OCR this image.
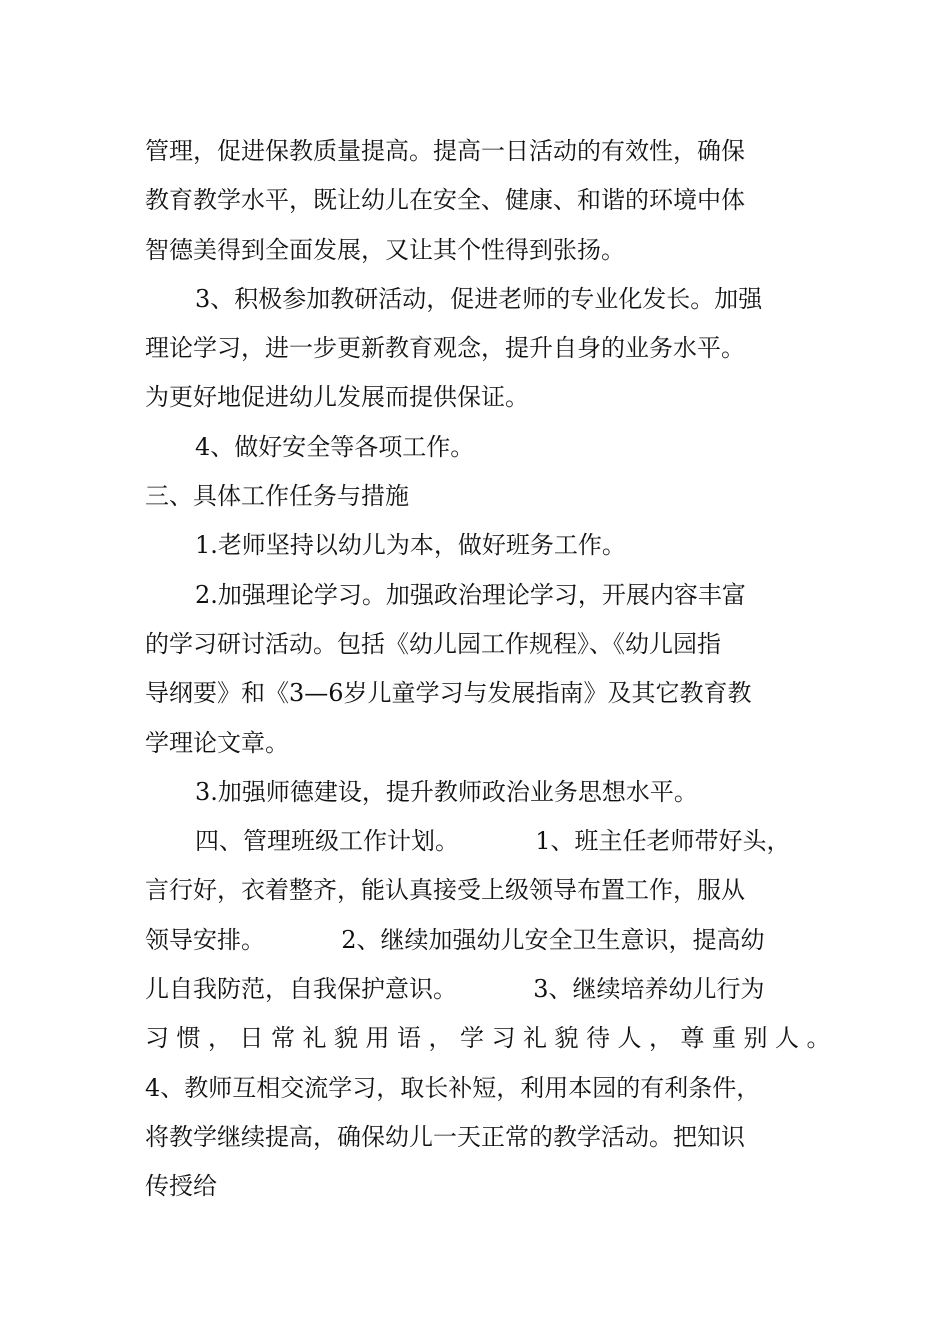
管理，促进保教质量提高。提高一日活动的有效性，确保
教育教学水平，既让幼儿在安全、健康、和谐的环境中体
智德美得到全面发展，又让其个性得到张扬。
3、积极参加教研活动，促进老师的专业化发长。加强
理论学习，进一步更新教育观念，提升自身的业务水平。
为更好地促进幼儿发展而提供保证。
4、做好安全等各项工作。
三、具体工作任务与措施
1.老师坚持以幼儿为本，做好班务工作。
2.加强理论学习。加强政治理论学习，开展内容丰富
的学习研讨活动。包括《幼儿园工作规程》、《幼儿园指
导纲要》和《3—6岁儿童学习与发展指南》及其它教育教
学理论文章。
3.加强师德建设，提升教师政治业务思想水平。
四、管理班级工作计划。          1、班主任老师带好头，
言行好，衣着整齐，能认真接受上级领导布置工作，服从
领导安排。          2、继续加强幼儿安全卫生意识，提高幼
儿自我防范，自我保护意识。          3、继续培养幼儿行为
习惯，日常礼貌用语，学习礼貌待人，尊重别人。
4、教师互相交流学习，取长补短，利用本园的有利条件，
将教学继续提高，确保幼儿一天正常的教学活动。把知识
传授给
